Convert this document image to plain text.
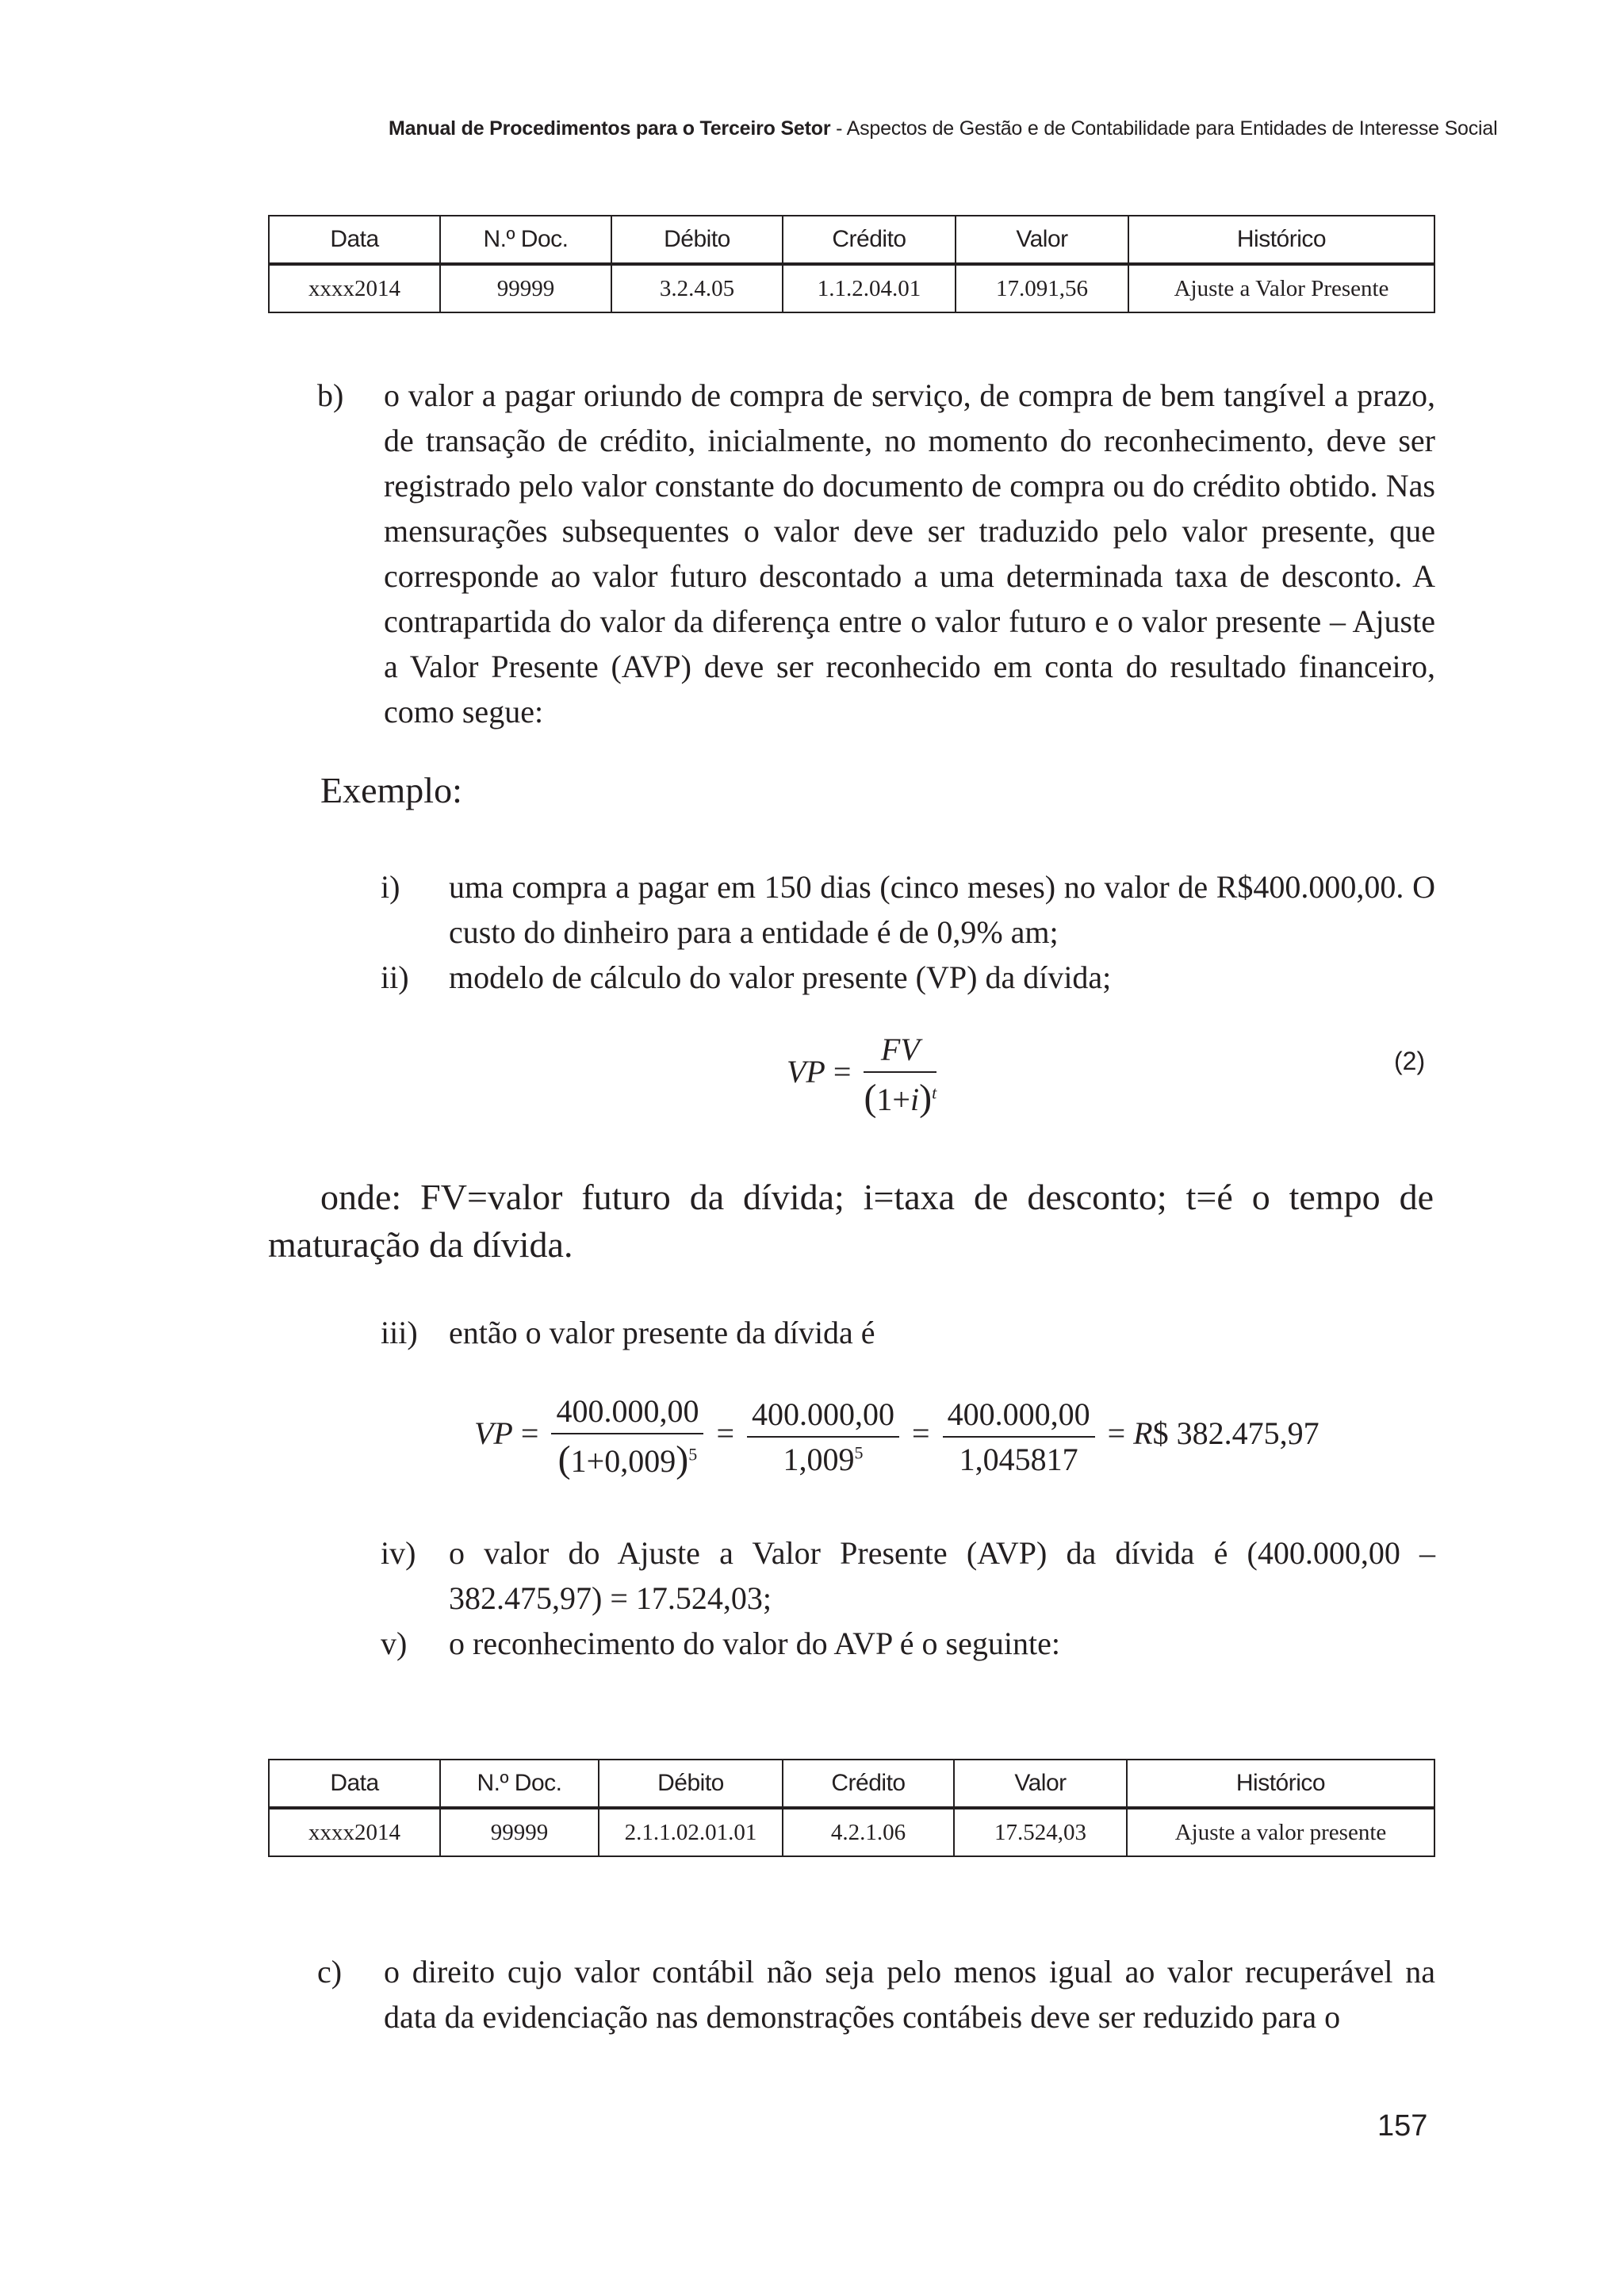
Manual de Procedimentos para o Terceiro Setor - Aspectos de Gestão e de Contabilidade para Entidades de Interesse Social
Data	N.º Doc.	Débito	Crédito	Valor	Histórico
xxxx2014	99999	3.2.4.05	1.1.2.04.01	17.091,56	Ajuste a Valor Presente
b) o valor a pagar oriundo de compra de serviço, de compra de bem tangível a prazo, de transação de crédito, inicialmente, no momento do reconhecimento, deve ser registrado pelo valor constante do documento de compra ou do crédito obtido. Nas mensurações subsequentes o valor deve ser traduzido pelo valor presente, que corresponde ao valor futuro descontado a uma determinada taxa de desconto. A contrapartida do valor da diferença entre o valor futuro e o valor presente – Ajuste a Valor Presente (AVP) deve ser reconhecido em conta do resultado financeiro, como segue:
Exemplo:
i) uma compra a pagar em 150 dias (cinco meses) no valor de R$400.000,00. O custo do dinheiro para a entidade é de 0,9% am;
ii) modelo de cálculo do valor presente (VP) da dívida;
VP = $\frac{FV}{(1+i)^t}$	(2)
onde: FV=valor futuro da dívida; i=taxa de desconto; t=é o tempo de maturação da dívida.
iii) então o valor presente da dívida é
VP = $\frac{400.000,00}{(1+0,009)^5} = \frac{400.000,00}{1,009^5} = \frac{400.000,00}{1,045817}$ = R$ 382.475,97
iv) o valor do Ajuste a Valor Presente (AVP) da dívida é (400.000,00 – 382.475,97) = 17.524,03;
v) o reconhecimento do valor do AVP é o seguinte:
Data	N.º Doc.	Débito	Crédito	Valor	Histórico
xxxx2014	99999	2.1.1.02.01.01	4.2.1.06	17.524,03	Ajuste a valor presente
c) o direito cujo valor contábil não seja pelo menos igual ao valor recuperável na data da evidenciação nas demonstrações contábeis deve ser reduzido para o
157
